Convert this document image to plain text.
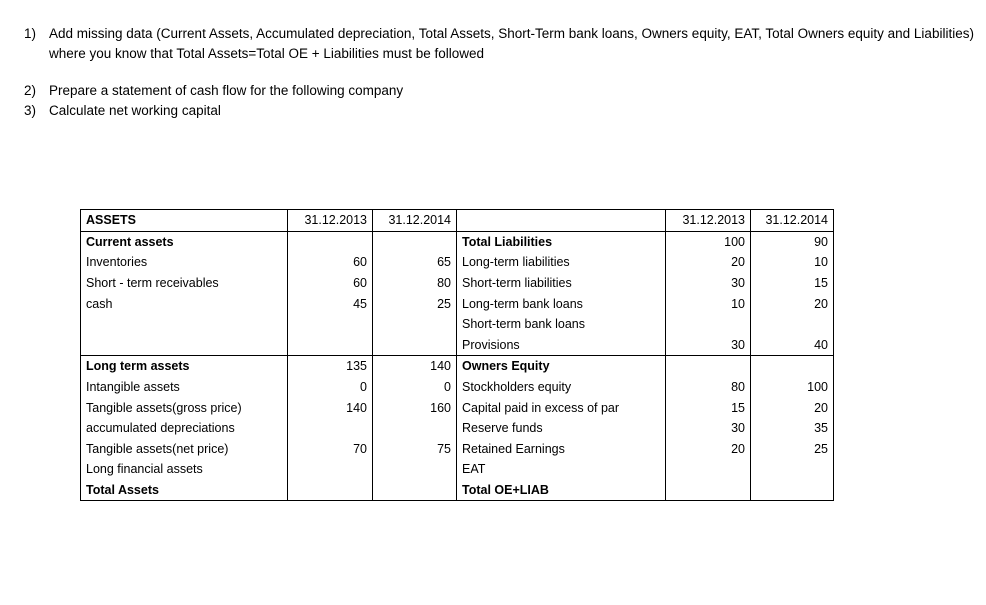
1) Add missing data (Current Assets, Accumulated depreciation, Total Assets, Short-Term bank loans, Owners equity, EAT, Total Owners equity and Liabilities) where you know that Total Assets=Total OE + Liabilities must be followed
2) Prepare a statement of cash flow for the following company
3) Calculate net working capital
ASSETS	31.12.2013	31.12.2014		31.12.2013	31.12.2014
Current assets			Total Liabilities	100	90
Inventories	60	65	Long-term liabilities	20	10
Short - term receivables	60	80	Short-term liabilities	30	15
cash	45	25	Long-term bank loans	10	20
			Short-term bank loans		
			Provisions	30	40
Long term assets	135	140	Owners Equity		
Intangible assets	0	0	Stockholders equity	80	100
Tangible assets(gross price)	140	160	Capital paid in excess of par	15	20
accumulated depreciations			Reserve funds	30	35
Tangible assets(net price)	70	75	Retained Earnings	20	25
Long financial assets			EAT		
Total Assets			Total OE+LIAB		
